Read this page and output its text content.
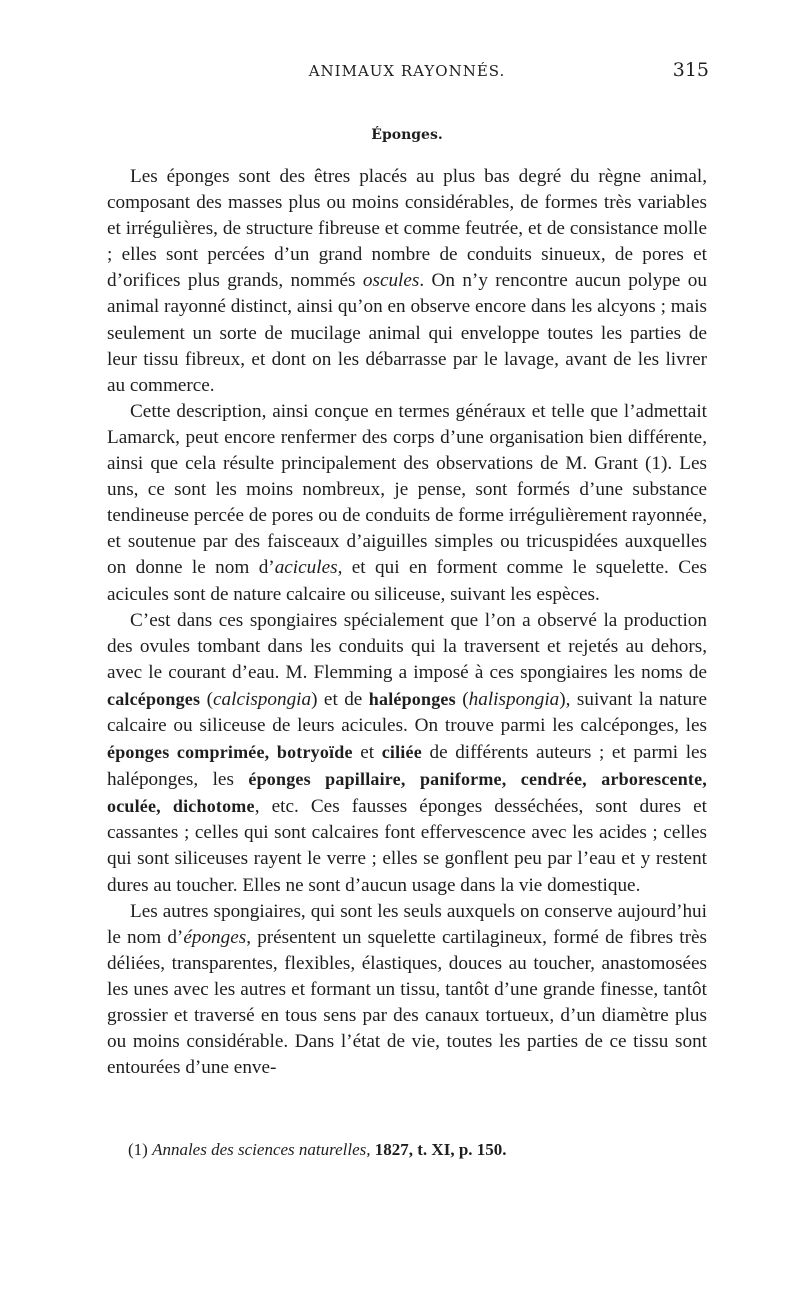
ANIMAUX RAYONNÉS.	315
Éponges.

Les éponges sont des êtres placés au plus bas degré du règne animal, composant des masses plus ou moins considérables, de formes très variables et irrégulières, de structure fibreuse et comme feutrée, et de consistance molle ; elles sont percées d’un grand nombre de conduits sinueux, de pores et d’orifices plus grands, nommés oscules. On n’y rencontre aucun polype ou animal rayonné distinct, ainsi qu’on en observe encore dans les alcyons ; mais seulement un sorte de mucilage animal qui enveloppe toutes les parties de leur tissu fibreux, et dont on les débarrasse par le lavage, avant de les livrer au commerce.

Cette description, ainsi conçue en termes généraux et telle que l’admettait Lamarck, peut encore renfermer des corps d’une organisation bien différente, ainsi que cela résulte principalement des observations de M. Grant (1). Les uns, ce sont les moins nombreux, je pense, sont formés d’une substance tendineuse percée de pores ou de conduits de forme irrégulièrement rayonnée, et soutenue par des faisceaux d’aiguilles simples ou tricuspidées auxquelles on donne le nom d’acicules, et qui en forment comme le squelette. Ces acicules sont de nature calcaire ou siliceuse, suivant les espèces.

C’est dans ces spongiaires spécialement que l’on a observé la production des ovules tombant dans les conduits qui la traversent et rejetés au dehors, avec le courant d’eau. M. Flemming a imposé à ces spongiaires les noms de calcéponges (calcispongia) et de haléponges (halispongia), suivant la nature calcaire ou siliceuse de leurs acicules. On trouve parmi les calcéponges, les éponges comprimée, botryoïde et ciliée de différents auteurs ; et parmi les haléponges, les éponges papillaire, paniforme, cendrée, arborescente, oculée, dichotome, etc. Ces fausses éponges desséchées, sont dures et cassantes ; celles qui sont calcaires font effervescence avec les acides ; celles qui sont siliceuses rayent le verre ; elles se gonflent peu par l’eau et y restent dures au toucher. Elles ne sont d’aucun usage dans la vie domestique.

Les autres spongiaires, qui sont les seuls auxquels on conserve aujourd’hui le nom d’éponges, présentent un squelette cartilagineux, formé de fibres très déliées, transparentes, flexibles, élastiques, douces au toucher, anastomosées les unes avec les autres et formant un tissu, tantôt d’une grande finesse, tantôt grossier et traversé en tous sens par des canaux tortueux, d’un diamètre plus ou moins considérable. Dans l’état de vie, toutes les parties de ce tissu sont entourées d’une enve-

(1) Annales des sciences naturelles, 1827, t. XI, p. 150.
